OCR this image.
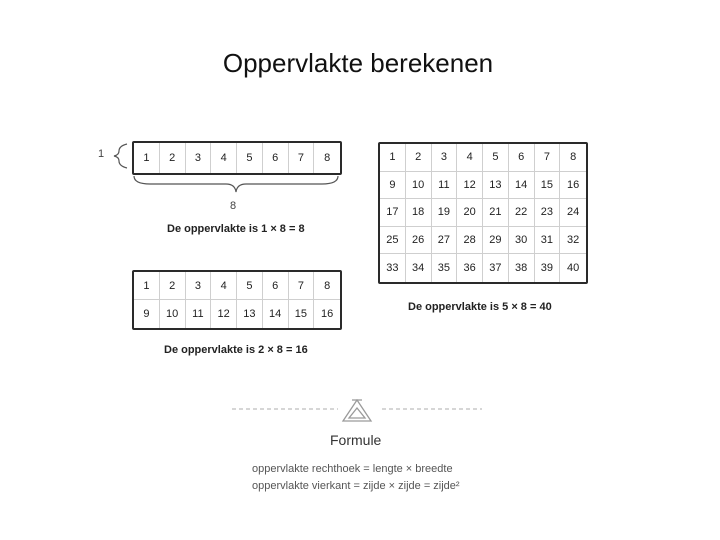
Oppervlakte berekenen
1
8
1	2	3	4	5	6	7	8
De oppervlakte is 1 × 8 = 8
1	2	3	4	5	6	7	8
9	10	11	12	13	14	15	16
De oppervlakte is 2 × 8 = 16
1	2	3	4	5	6	7	8
9	10	11	12	13	14	15	16
17	18	19	20	21	22	23	24
25	26	27	28	29	30	31	32
33	34	35	36	37	38	39	40
De oppervlakte is 5 × 8 = 40
Formule
oppervlakte rechthoek = lengte × breedte
oppervlakte vierkant = zijde × zijde = zijde²
